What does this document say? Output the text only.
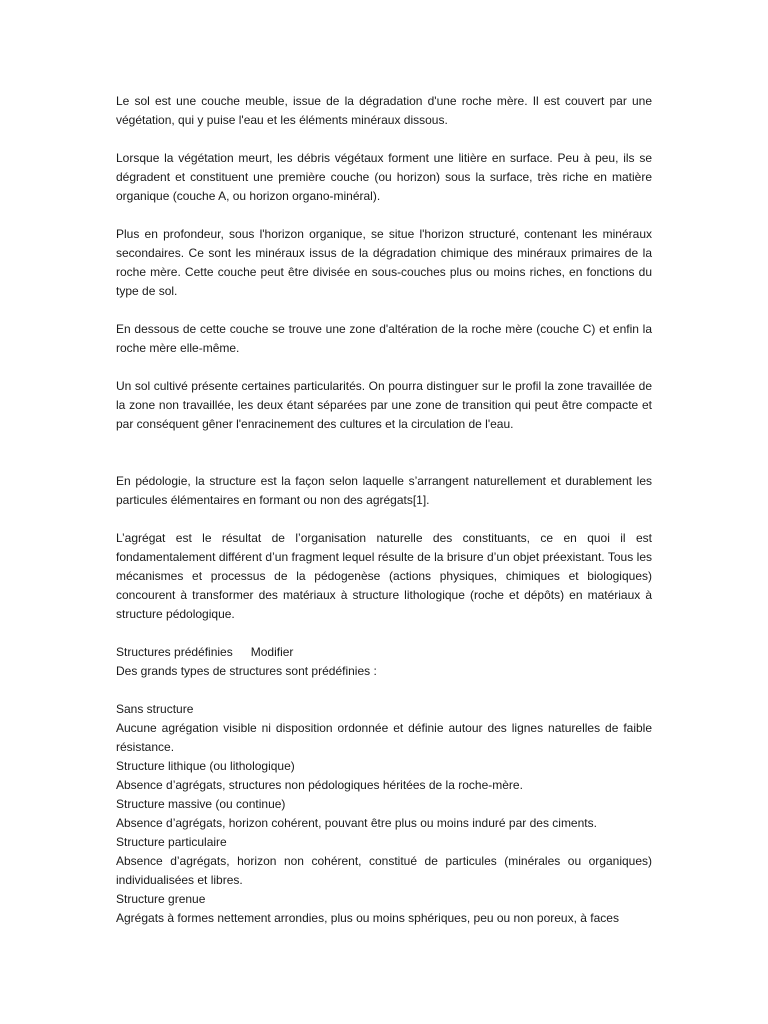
Le sol est une couche meuble, issue de la dégradation d'une roche mère. Il est couvert par une végétation, qui y puise l'eau et les éléments minéraux dissous.

Lorsque la végétation meurt, les débris végétaux forment une litière en surface. Peu à peu, ils se dégradent et constituent une première couche (ou horizon) sous la surface, très riche en matière organique (couche A, ou horizon organo-minéral).

Plus en profondeur, sous l'horizon organique, se situe l'horizon structuré, contenant les minéraux secondaires. Ce sont les minéraux issus de la dégradation chimique des minéraux primaires de la roche mère. Cette couche peut être divisée en sous-couches plus ou moins riches, en fonctions du type de sol.

En dessous de cette couche se trouve une zone d'altération de la roche mère (couche C) et enfin la roche mère elle-même.

Un sol cultivé présente certaines particularités. On pourra distinguer sur le profil la zone travaillée de la zone non travaillée, les deux étant séparées par une zone de transition qui peut être compacte et par conséquent gêner l'enracinement des cultures et la circulation de l'eau.

En pédologie, la structure est la façon selon laquelle s’arrangent naturellement et durablement les particules élémentaires en formant ou non des agrégats[1].

L’agrégat est le résultat de l’organisation naturelle des constituants, ce en quoi il est fondamentalement différent d’un fragment lequel résulte de la brisure d’un objet préexistant. Tous les mécanismes et processus de la pédogenèse (actions physiques, chimiques et biologiques) concourent à transformer des matériaux à structure lithologique (roche et dépôts) en matériaux à structure pédologique.

Structures prédéfinies Modifier

Des grands types de structures sont prédéfinies :

Sans structure

Aucune agrégation visible ni disposition ordonnée et définie autour des lignes naturelles de faible résistance.

Structure lithique (ou lithologique)

Absence d’agrégats, structures non pédologiques héritées de la roche-mère.

Structure massive (ou continue)

Absence d’agrégats, horizon cohérent, pouvant être plus ou moins induré par des ciments.

Structure particulaire

Absence d’agrégats, horizon non cohérent, constitué de particules (minérales ou organiques) individualisées et libres.

Structure grenue

Agrégats à formes nettement arrondies, plus ou moins sphériques, peu ou non poreux, à faces
